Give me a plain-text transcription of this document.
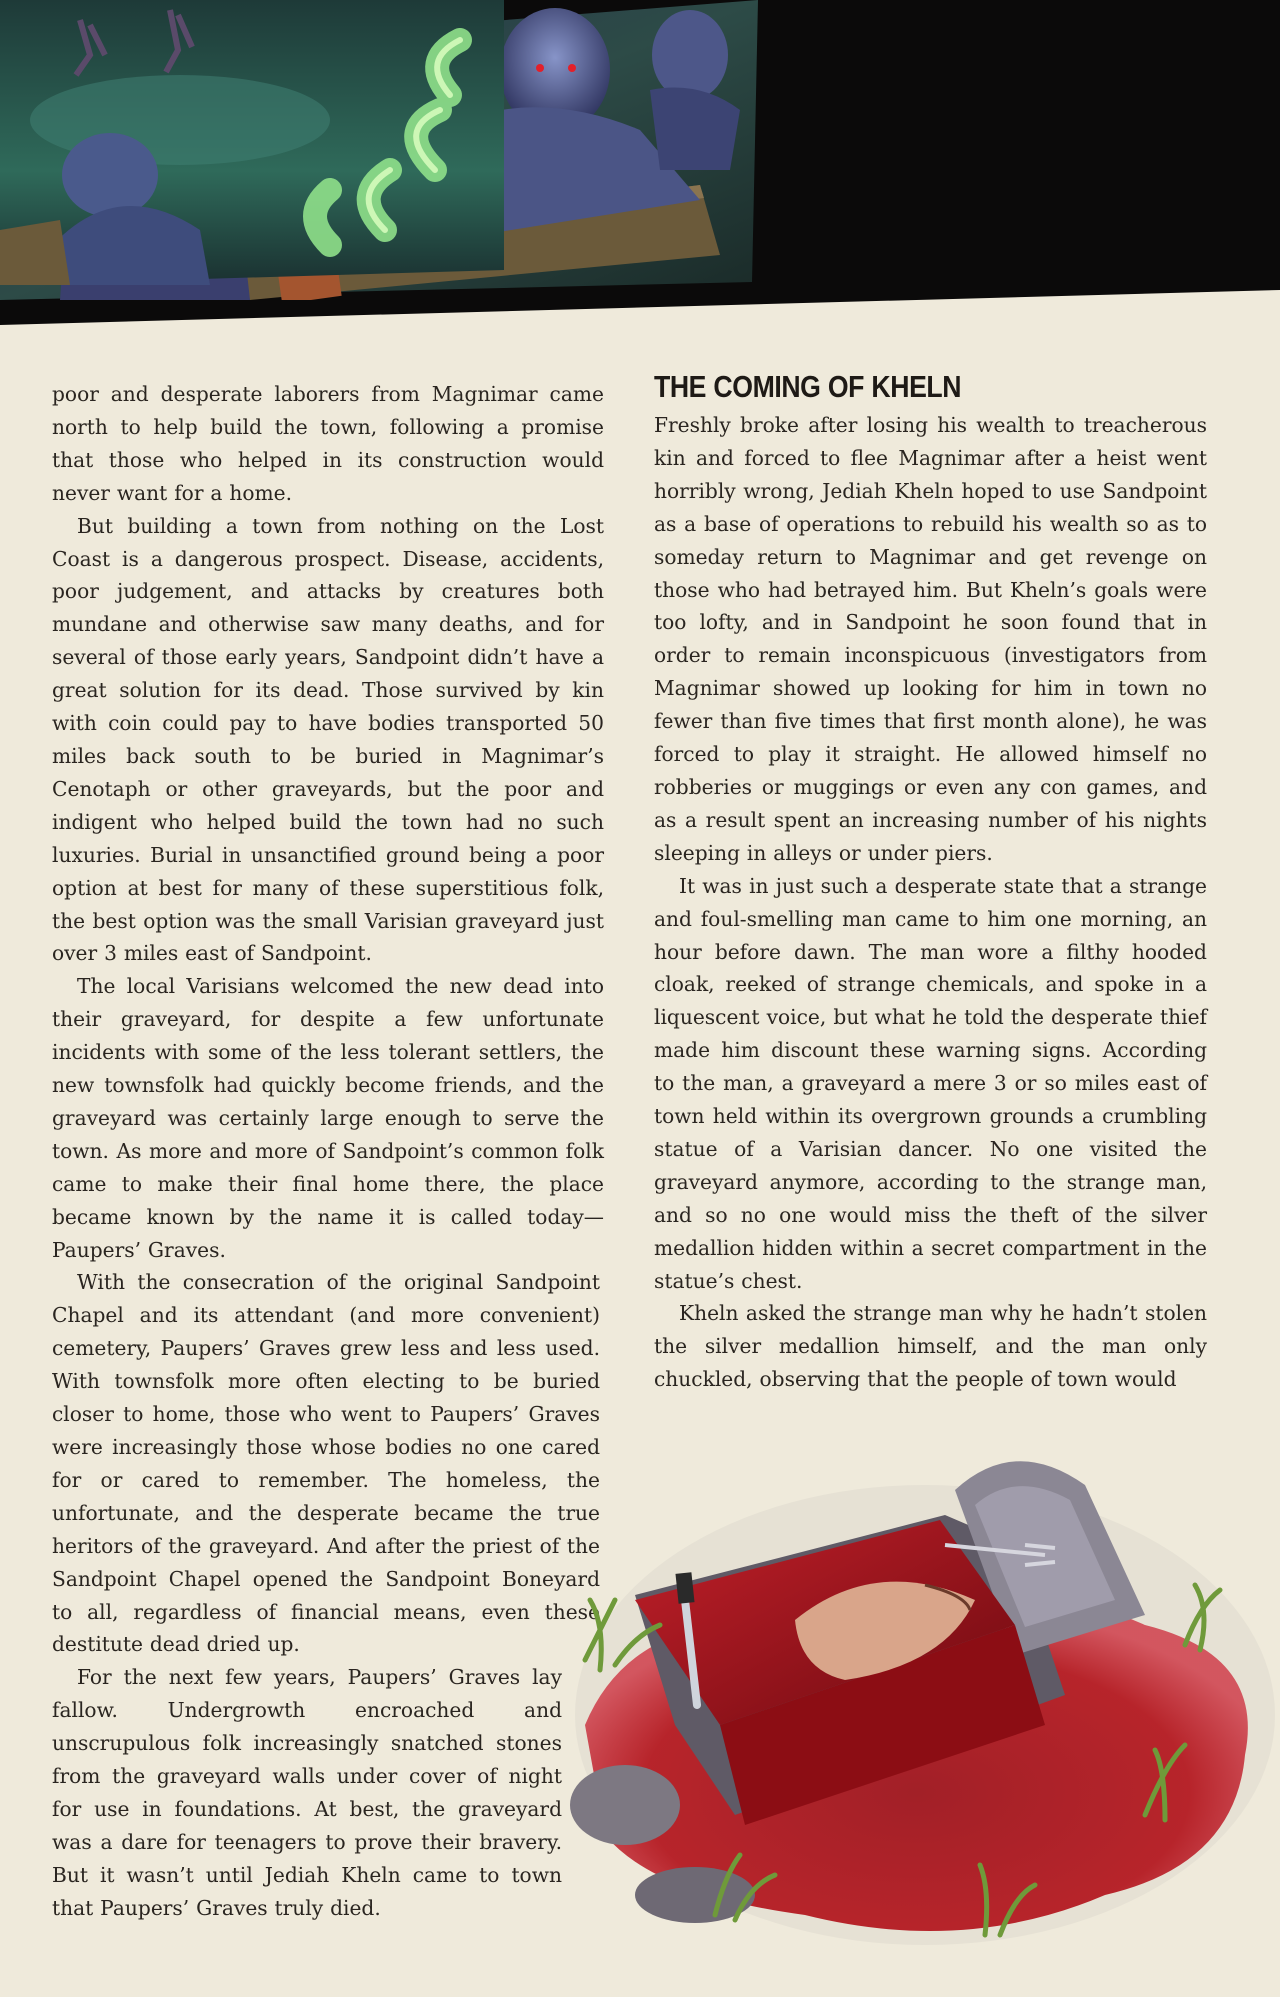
poor and desperate laborers from Magnimar came north to help build the town, following a promise that those who helped in its construction would never want for a home.

But building a town from nothing on the Lost Coast is a dangerous prospect. Disease, accidents, poor judgement, and attacks by creatures both mundane and otherwise saw many deaths, and for several of those early years, Sandpoint didn’t have a great solution for its dead. Those survived by kin with coin could pay to have bodies transported 50 miles back south to be buried in Magnimar’s Cenotaph or other graveyards, but the poor and indigent who helped build the town had no such luxuries. Burial in unsanctified ground being a poor option at best for many of these superstitious folk, the best option was the small Varisian graveyard just over 3 miles east of Sandpoint.

The local Varisians welcomed the new dead into their graveyard, for despite a few unfortunate incidents with some of the less tolerant settlers, the new townsfolk had quickly become friends, and the graveyard was certainly large enough to serve the town. As more and more of Sandpoint’s common folk came to make their final home there, the place became known by the name it is called today—Paupers’ Graves.

With the consecration of the original Sandpoint Chapel and its attendant (and more convenient) cemetery, Paupers’ Graves grew less and less used. With townsfolk more often electing to be buried closer to home, those who went to Paupers’ Graves were increasingly those whose bodies no one cared for or cared to remember. The homeless, the unfortunate, and the desperate became the true heritors of the graveyard. And after the priest of the Sandpoint Chapel opened the Sandpoint Boneyard to all, regardless of financial means, even these destitute dead dried up.

For the next few years, Paupers’ Graves lay fallow. Undergrowth encroached and unscrupulous folk increasingly snatched stones from the graveyard walls under cover of night for use in foundations. At best, the graveyard was a dare for teenagers to prove their bravery. But it wasn’t until Jediah Kheln came to town that Paupers’ Graves truly died.

THE COMING OF KHELN

Freshly broke after losing his wealth to treacherous kin and forced to flee Magnimar after a heist went horribly wrong, Jediah Kheln hoped to use Sandpoint as a base of operations to rebuild his wealth so as to someday return to Magnimar and get revenge on those who had betrayed him. But Kheln’s goals were too lofty, and in Sandpoint he soon found that in order to remain inconspicuous (investigators from Magnimar showed up looking for him in town no fewer than five times that first month alone), he was forced to play it straight. He allowed himself no robberies or muggings or even any con games, and as a result spent an increasing number of his nights sleeping in alleys or under piers.

It was in just such a desperate state that a strange and foul-smelling man came to him one morning, an hour before dawn. The man wore a filthy hooded cloak, reeked of strange chemicals, and spoke in a liquescent voice, but what he told the desperate thief made him discount these warning signs. According to the man, a graveyard a mere 3 or so miles east of town held within its overgrown grounds a crumbling statue of a Varisian dancer. No one visited the graveyard anymore, according to the strange man, and so no one would miss the theft of the silver medallion hidden within a secret compartment in the statue’s chest.

Kheln asked the strange man why he hadn’t stolen the silver medallion himself, and the man only chuckled, observing that the people of town would
